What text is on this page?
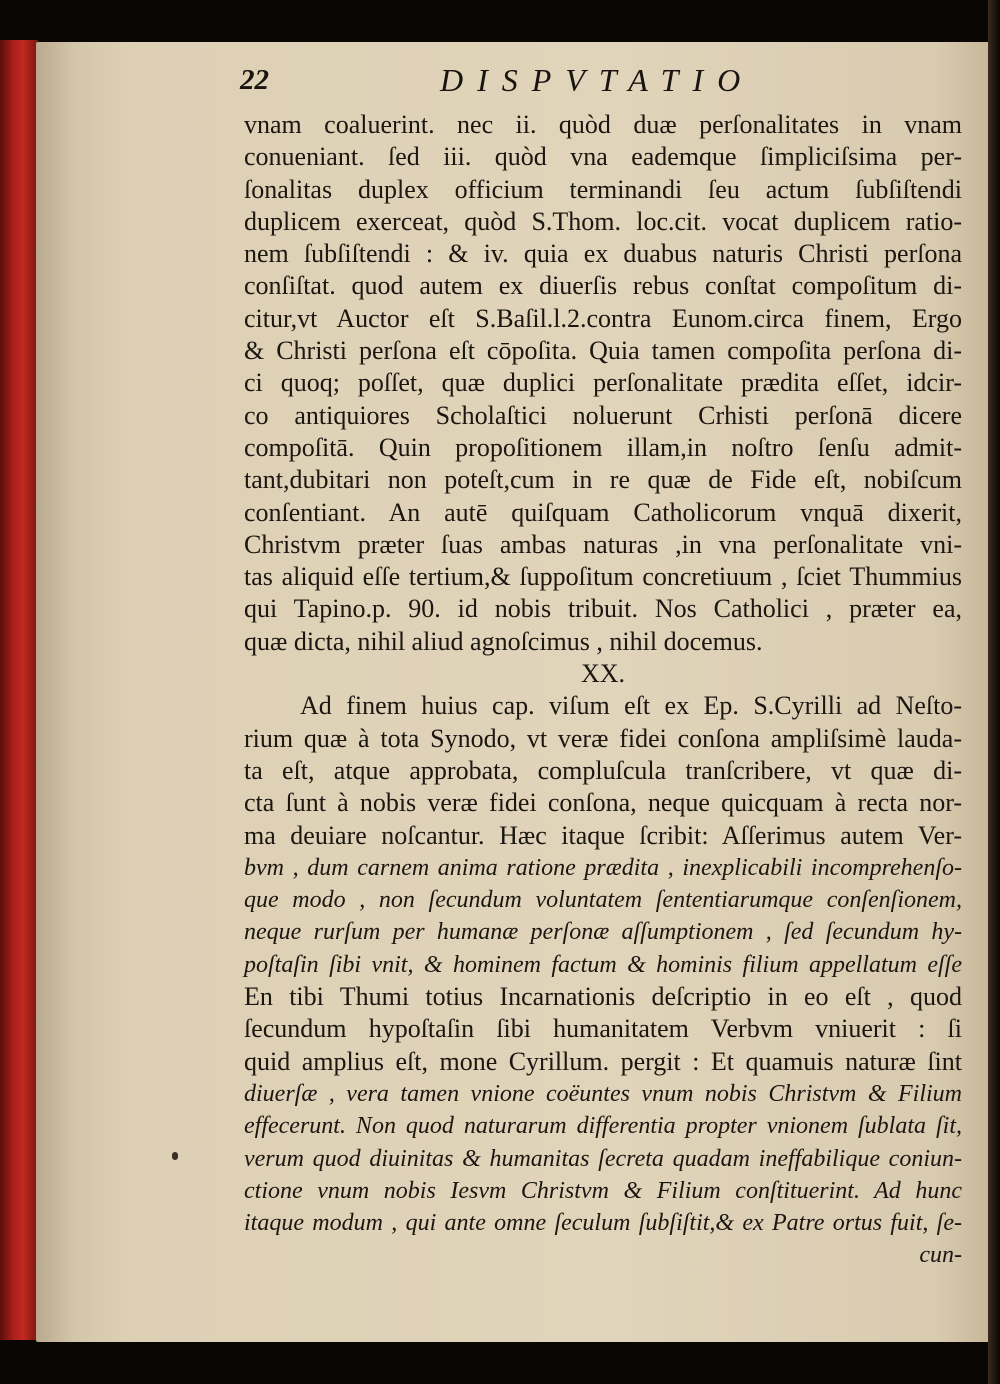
22	DISPVTATIO
vnam coaluerint. nec ii. quòd duæ perſonalitates in vnam
conueniant. ſed iii. quòd vna eademque ſimpliciſsima per-
ſonalitas duplex officium terminandi ſeu actum ſubſiſtendi
duplicem exerceat, quòd S.Thom. loc.cit. vocat duplicem ratio-
nem ſubſiſtendi : & iv. quia ex duabus naturis Christi perſona
conſiſtat. quod autem ex diuerſis rebus conſtat compoſitum di-
citur,vt Auctor eſt S.Baſil.l.2.contra Eunom.circa finem, Ergo
& Christi perſona eſt cōpoſita. Quia tamen compoſita perſona di-
ci quoq; poſſet, quæ duplici perſonalitate prædita eſſet, idcir-
co antiquiores Scholaſtici noluerunt Crhisti perſonā dicere
compoſitā. Quin propoſitionem illam,in noſtro ſenſu admit-
tant,dubitari non poteſt,cum in re quæ de Fide eſt, nobiſcum
conſentiant. An autē quiſquam Catholicorum vnquā dixerit,
Christvm præter ſuas ambas naturas ,in vna perſonalitate vni-
tas aliquid eſſe tertium,& ſuppoſitum concretiuum , ſciet Thummius
qui Tapino.p. 90. id nobis tribuit. Nos Catholici , præter ea,
quæ dicta, nihil aliud agnoſcimus , nihil docemus.
XX.
Ad finem huius cap. viſum eſt ex Ep. S.Cyrilli ad Neſto-
rium quæ à tota Synodo, vt veræ fidei conſona ampliſsimè lauda-
ta eſt, atque approbata, compluſcula tranſcribere, vt quæ di-
cta ſunt à nobis veræ fidei conſona, neque quicquam à recta nor-
ma deuiare noſcantur. Hæc itaque ſcribit: Aſſerimus autem Ver-
bvm , dum carnem anima ratione prædita , inexplicabili incomprehenſo-
que modo , non ſecundum voluntatem ſententiarumque conſenſionem,
neque rurſum per humanæ perſonæ aſſumptionem , ſed ſecundum hy-
poſtaſin ſibi vnit, & hominem factum & hominis filium appellatum eſſe
En tibi Thumi totius Incarnationis deſcriptio in eo eſt , quod
ſecundum hypoſtaſin ſibi humanitatem Verbvm vniuerit : ſi
quid amplius eſt, mone Cyrillum. pergit : Et quamuis naturæ ſint
diuerſæ , vera tamen vnione coëuntes vnum nobis Christvm & Filium
effecerunt. Non quod naturarum differentia propter vnionem ſublata ſit,
verum quod diuinitas & humanitas ſecreta quadam ineffabilique coniun-
ctione vnum nobis Iesvm Christvm & Filium conſtituerint. Ad hunc
itaque modum , qui ante omne ſeculum ſubſiſtit,& ex Patre ortus fuit, ſe-
cun-
